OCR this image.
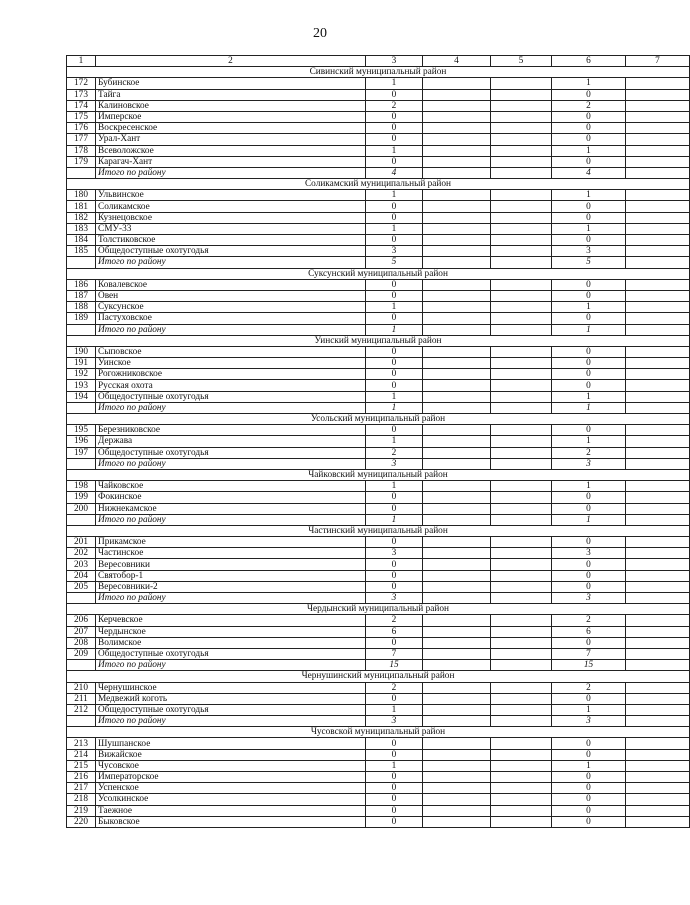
20
1	2	3	4	5	6	7
Сивинский муниципальный район						
172	Бубинское	1			1	
173	Тайга	0			0	
174	Калиновское	2			2	
175	Имперское	0			0	
176	Воскресенское	0			0	
177	Урал-Хант	0			0	
178	Всеволожское	1			1	
179	Карагач-Хант	0			0	
	Итого по району	4			4	
Соликамский муниципальный район						
180	Ульвинское	1			1	
181	Соликамское	0			0	
182	Кузнецовское	0			0	
183	СМУ-33	1			1	
184	Толстиковское	0			0	
185	Общедоступные охотугодья	3			3	
	Итого по району	5			5	
Суксунский муниципальный район						
186	Ковалевское	0			0	
187	Овен	0			0	
188	Суксунское	1			1	
189	Пастуховское	0			0	
	Итого по району	1			1	
Уинский муниципальный район						
190	Сыповское	0			0	
191	Уинское	0			0	
192	Рогожниковское	0			0	
193	Русская охота	0			0	
194	Общедоступные охотугодья	1			1	
	Итого по району	1			1	
Усольский муниципальный район						
195	Березниковское	0			0	
196	Держава	1			1	
197	Общедоступные охотугодья	2			2	
	Итого по району	3			3	
Чайковский муниципальный район						
198	Чайковское	1			1	
199	Фокинское	0			0	
200	Нижнекамское	0			0	
	Итого по району	1			1	
Частинский муниципальный район						
201	Прикамское	0			0	
202	Частинское	3			3	
203	Вересовники	0			0	
204	Святобор-1	0			0	
205	Вересовники-2	0			0	
	Итого по району	3			3	
Чердынский муниципальный район						
206	Керчевское	2			2	
207	Чердынское	6			6	
208	Волимское	0			0	
209	Общедоступные охотугодья	7			7	
	Итого по району	15			15	
Чернушинский муниципальный район						
210	Чернушинское	2			2	
211	Медвежий коготь	0			0	
212	Общедоступные охотугодья	1			1	
	Итого по району	3			3	
Чусовской муниципальный район						
213	Шушпанское	0			0	
214	Вижайское	0			0	
215	Чусовское	1			1	
216	Императорское	0			0	
217	Успенское	0			0	
218	Усолкинское	0			0	
219	Таежное	0			0	
220	Быковское	0			0	
